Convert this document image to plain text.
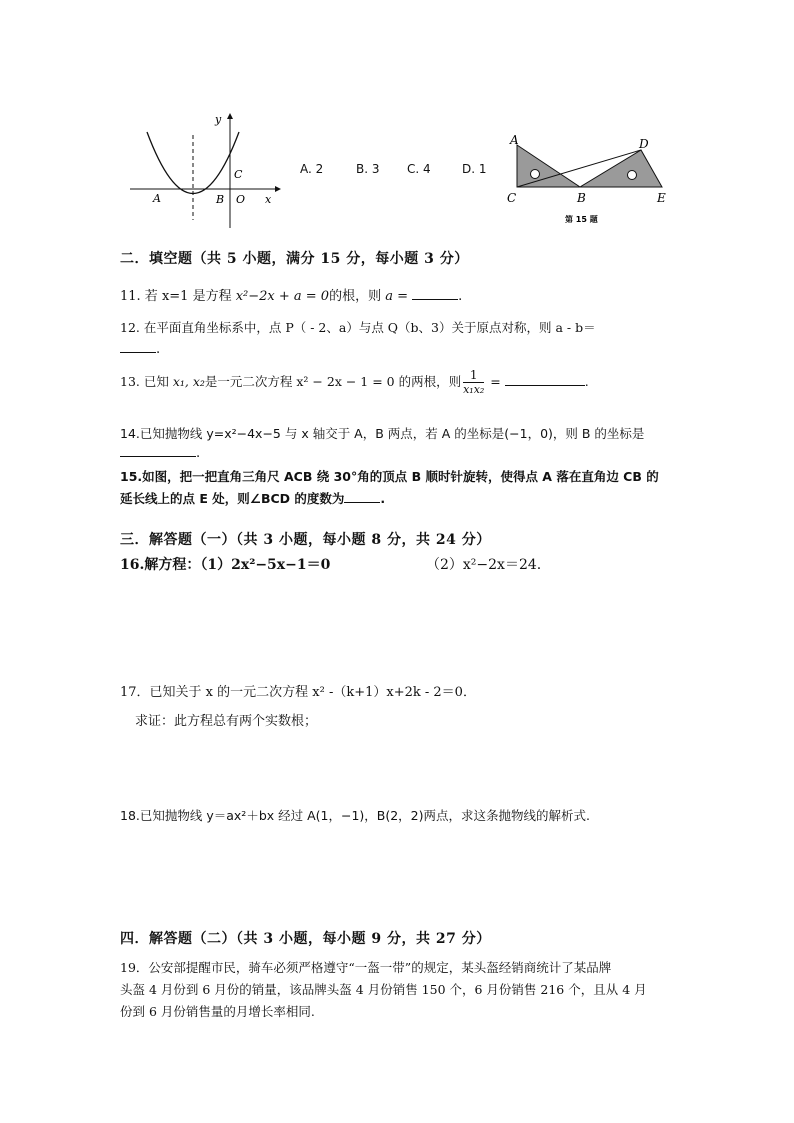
y
x
A	B O
C	A. 2	B. 3 C. 4	D. 1
A
C	B
D
E
第 15 题
二．填空题（共 5 小题，满分 15 分，每小题 3 分）
11. 若 x=1 是方程 x²−2x + a = 0的根，则 a =	.
12. 在平面直角坐标系中，点 P（ - 2、a）与点 Q（b、3）关于原点对称，则 a - b＝
.
13. 已知 x₁, x₂是一元二次方程 x² − 2x − 1 = 0 的两根，则 $\frac{1}{\text{x₁x₂}}$ =	.
14.已知抛物线 y=x²−4x−5 与 x 轴交于 A，B 两点，若 A 的坐标是(−1，0)，则 B 的坐标是
.
15.如图，把一把直角三角尺 ACB 绕 30°角的顶点 B 顺时针旋转，使得点 A 落在直角边 CB 的
延长线上的点 E 处，则∠BCD 的度数为	.
三．解答题（一）（共 3 小题，每小题 8 分，共 24 分）
16.解方程：（1）2x²−5x−1＝0	（2）x²−2x＝24.
17．已知关于 x 的一元二次方程 x² -（k+1）x+2k - 2＝0．
求证：此方程总有两个实数根；
18.已知抛物线 y＝ax²＋bx 经过 A(1，−1)，B(2，2)两点，求这条抛物线的解析式.
四．解答题（二）（共 3 小题，每小题 9 分，共 27 分）
19．公安部提醒市民，骑车必须严格遵守“一盔一带”的规定，某头盔经销商统计了某品牌
头盔 4 月份到 6 月份的销量，该品牌头盔 4 月份销售 150 个，6 月份销售 216 个，且从 4 月
份到 6 月份销售量的月增长率相同.
